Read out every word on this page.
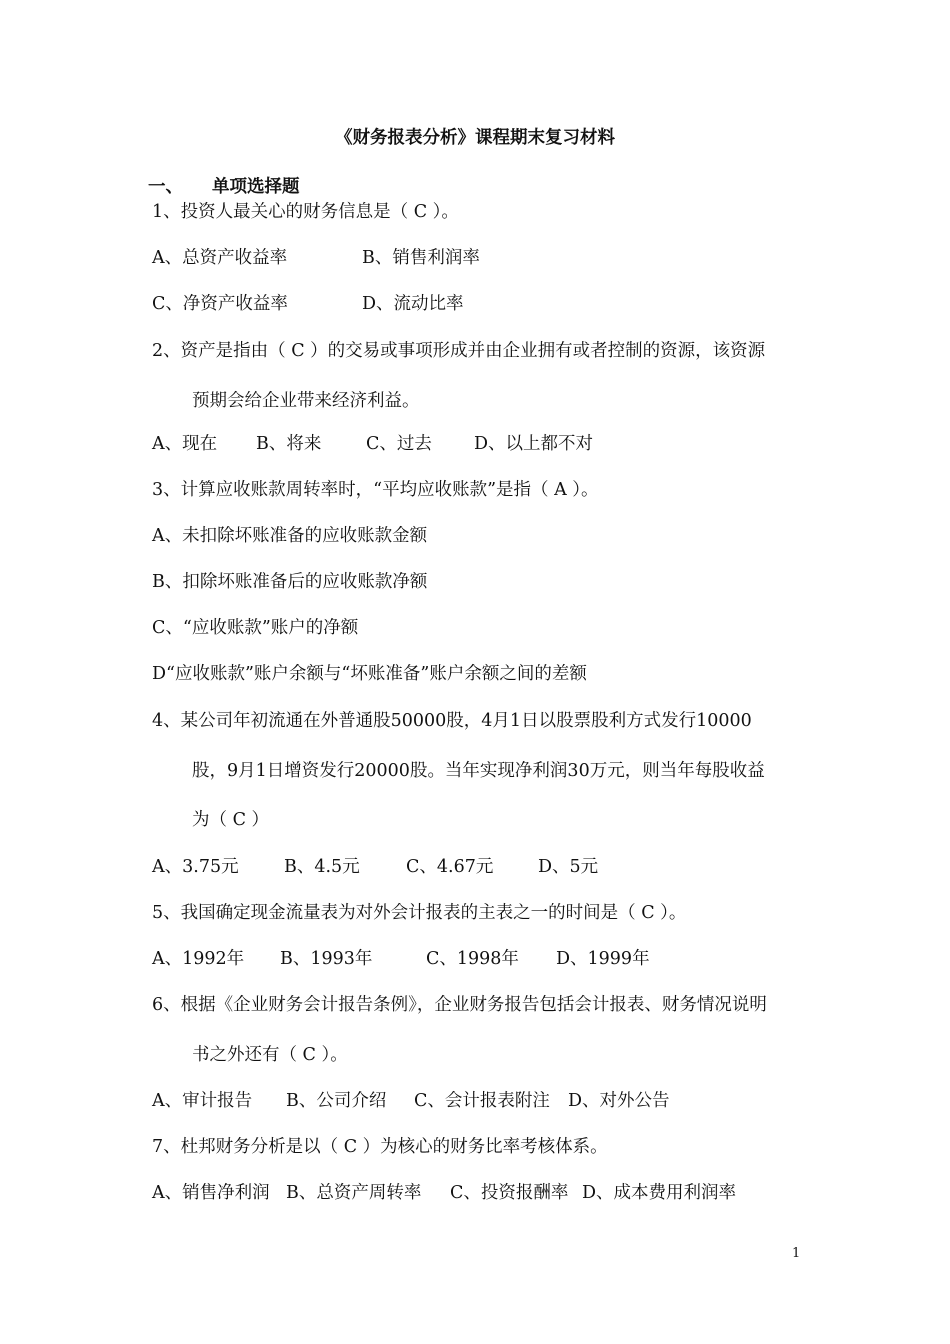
《财务报表分析》课程期末复习材料
一、 单项选择题
1、投资人最关心的财务信息是（ C ）。
A、总资产收益率	B、销售利润率
C、净资产收益率	D、流动比率
2、资产是指由（ C ）的交易或事项形成并由企业拥有或者控制的资源，该资源
预期会给企业带来经济利益。
A、现在 B、将来	C、过去 D、以上都不对
3、计算应收账款周转率时，“平均应收账款”是指（ A ）。
A、未扣除坏账准备的应收账款金额
B、扣除坏账准备后的应收账款净额
C、“应收账款”账户的净额
D“应收账款”账户余额与“坏账准备”账户余额之间的差额
4、某公司年初流通在外普通股50000股，4月1日以股票股利方式发行10000
股，9月1日增资发行20000股。当年实现净利润30万元，则当年每股收益
为（ C ）
A、3.75元	B、4.5元	C、4.67元	D、5元
5、我国确定现金流量表为对外会计报表的主表之一的时间是（ C ）。
A、1992年 B、1993年	C、1998年 D、1999年
6、根据《企业财务会计报告条例》，企业财务报告包括会计报表、财务情况说明
书之外还有（ C ）。
A、审计报告 B、公司介绍 C、会计报表附注 D、对外公告
7、杜邦财务分析是以（ C ）为核心的财务比率考核体系。
A、销售净利润 B、总资产周转率 C、投资报酬率 D、成本费用利润率
1
